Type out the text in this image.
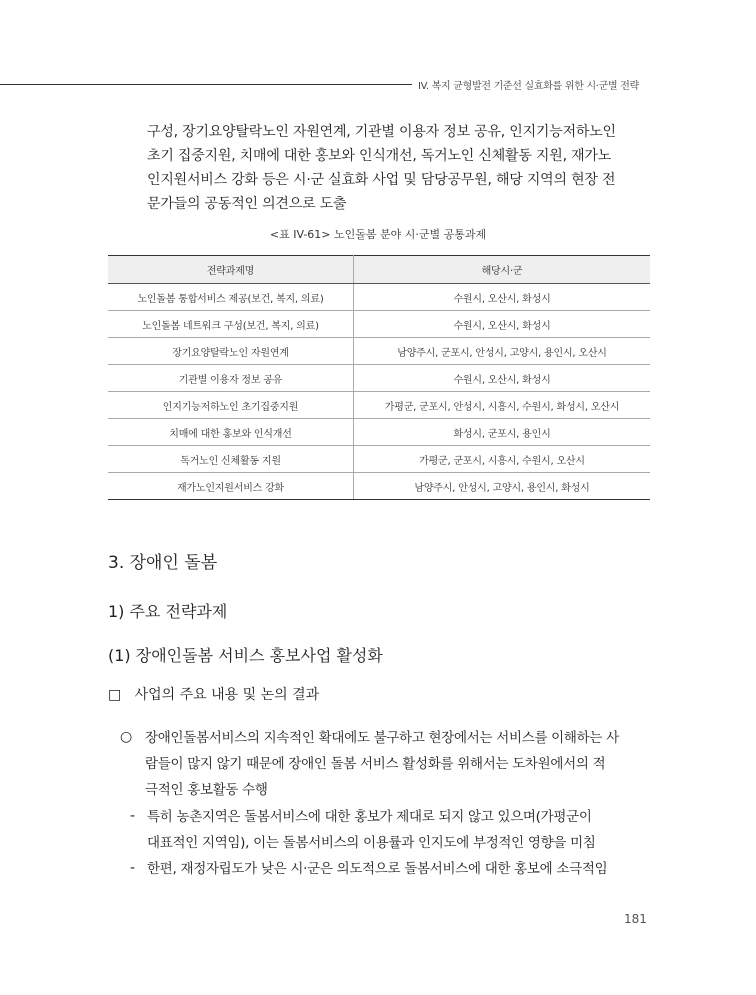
IV. 복지 균형발전 기준선 실효화를 위한 시·군별 전략
구성, 장기요양탈락노인 자원연계, 기관별 이용자 정보 공유, 인지기능저하노인
초기 집중지원, 치매에 대한 홍보와 인식개선, 독거노인 신체활동 지원, 재가노
인지원서비스 강화 등은 시·군 실효화 사업 및 담당공무원, 해당 지역의 현장 전
문가들의 공동적인 의견으로 도출
<표 IV-61> 노인돌봄 분야 시·군별 공통과제
전략과제명	해당시·군
노인돌봄 통합서비스 제공(보건, 복지, 의료)	수원시, 오산시, 화성시
노인돌봄 네트워크 구성(보건, 복지, 의료)	수원시, 오산시, 화성시
장기요양탈락노인 자원연계	남양주시, 군포시, 안성시, 고양시, 용인시, 오산시
기관별 이용자 정보 공유	수원시, 오산시, 화성시
인지기능저하노인 초기집중지원	가평군, 군포시, 안성시, 시흥시, 수원시, 화성시, 오산시
치매에 대한 홍보와 인식개선	화성시, 군포시, 용인시
독거노인 신체활동 지원	가평군, 군포시, 시흥시, 수원시, 오산시
재가노인지원서비스 강화	남양주시, 안성시, 고양시, 용인시, 화성시
3. 장애인 돌봄
1) 주요 전략과제
(1) 장애인돌봄 서비스 홍보사업 활성화
□ 사업의 주요 내용 및 논의 결과
○ 장애인돌봄서비스의 지속적인 확대에도 불구하고 현장에서는 서비스를 이해하는 사
람들이 많지 않기 때문에 장애인 돌봄 서비스 활성화를 위해서는 도차원에서의 적
극적인 홍보활동 수행
- 특히 농촌지역은 돌봄서비스에 대한 홍보가 제대로 되지 않고 있으며(가평군이
대표적인 지역임), 이는 돌봄서비스의 이용률과 인지도에 부정적인 영향을 미침
- 한편, 재정자립도가 낮은 시·군은 의도적으로 돌봄서비스에 대한 홍보에 소극적임
181
